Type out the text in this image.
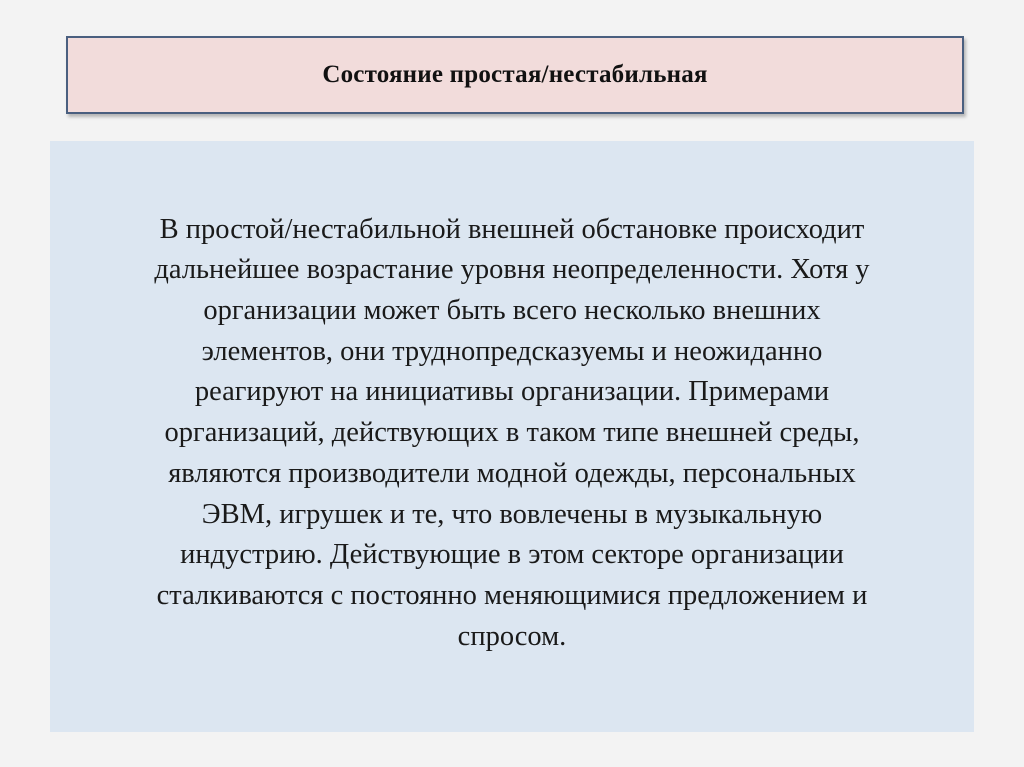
Состояние простая/нестабильная
В простой/нестабильной внешней обстановке происходит
дальнейшее возрастание уровня неопределенности. Хотя у
организации может быть всего несколько внешних
элементов, они труднопредсказуемы и неожиданно
реагируют на инициативы организации. Примерами
организаций, действующих в таком типе внешней среды,
являются производители модной одежды, персональных
ЭВМ, игрушек и те, что вовлечены в музыкальную
индустрию. Действующие в этом секторе организации
сталкиваются с постоянно меняющимися предложением и
спросом.
